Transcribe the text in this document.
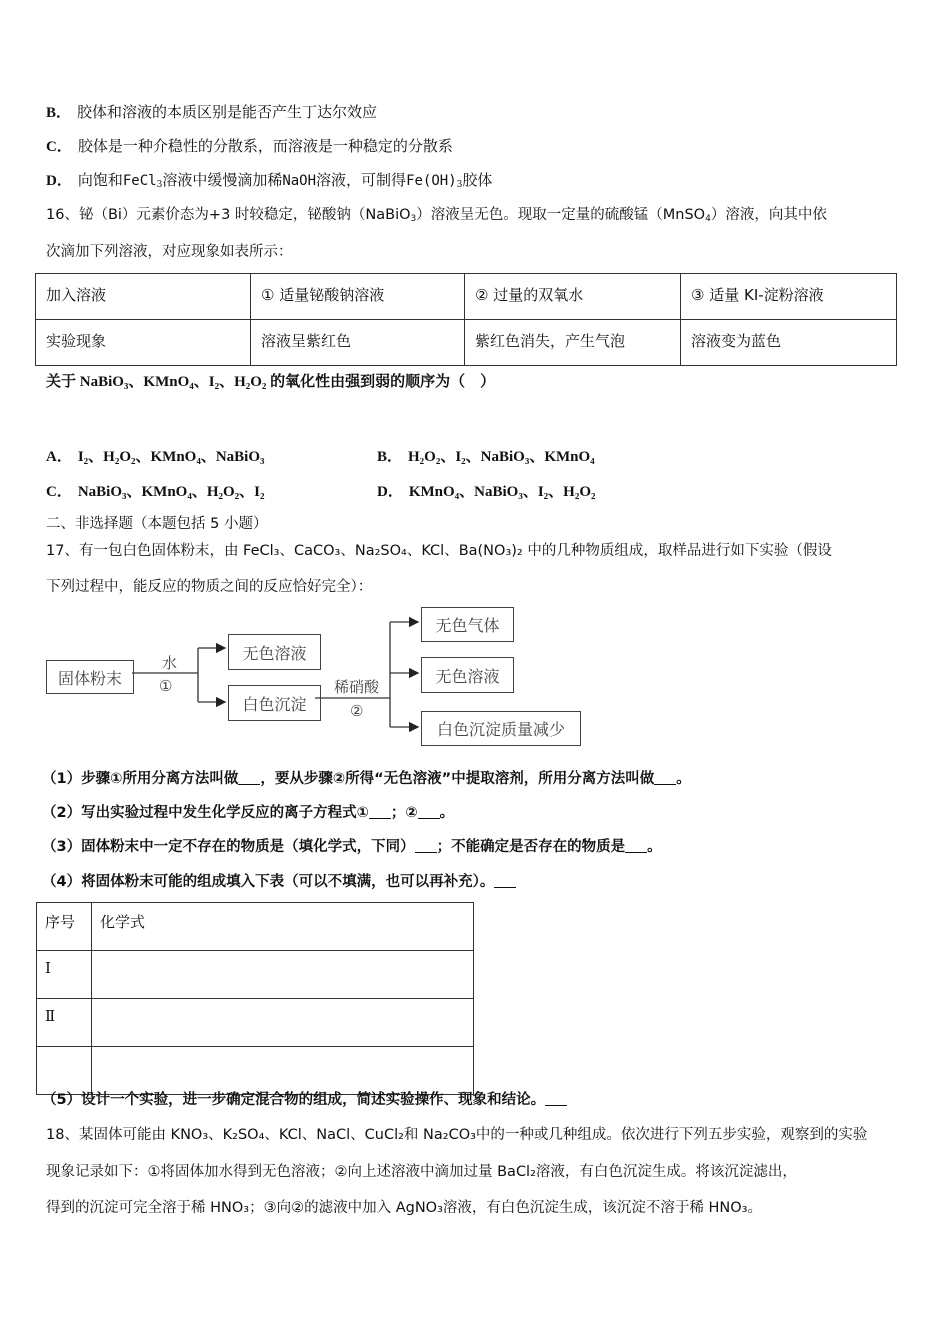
B． 胶体和溶液的本质区别是能否产生丁达尔效应
C． 胶体是一种介稳性的分散系，而溶液是一种稳定的分散系
D． 向饱和FeCl$_3$溶液中缓慢滴加稀NaOH溶液，可制得$Fe(OH)_3$胶体
16、铋（Bi）元素价态为+3 时较稳定，铋酸钠（NaBiO$_3$）溶液呈无色。现取一定量的硫酸锰（MnSO$_4$）溶液，向其中依
次滴加下列溶液，对应现象如表所示：
加入溶液	① 适量铋酸钠溶液	② 过量的双氧水	③ 适量 KI-淀粉溶液
实验现象	溶液呈紫红色	紫红色消失，产生气泡	溶液变为蓝色
关于 NaBiO₃、KMnO₄、I₂、H₂O₂ 的氧化性由强到弱的顺序为（　）
A． I₂、H₂O₂、KMnO₄、NaBiO₃	B． H₂O₂、I₂、NaBiO₃、KMnO₄
C． NaBiO₃、KMnO₄、H₂O₂、I₂	D． KMnO₄、NaBiO₃、I₂、H₂O₂
二、非选择题（本题包括 5 小题）
17、有一包白色固体粉末，由 FeCl₃、CaCO₃、Na₂SO₄、KCl、Ba(NO₃)₂ 中的几种物质组成，取样品进行如下实验（假设
下列过程中，能反应的物质之间的反应恰好完全）：
固体粉末
水
①
无色溶液
白色沉淀
稀硝酸
②
无色气体
无色溶液
白色沉淀质量减少
（1）步骤①所用分离方法叫做 ，要从步骤②所得“无色溶液”中提取溶剂，所用分离方法叫做 。
（2）写出实验过程中发生化学反应的离子方程式① ；② 。
（3）固体粉末中一定不存在的物质是（填化学式，下同） ；不能确定是否存在的物质是 。
（4）将固体粉末可能的组成填入下表（可以不填满，也可以再补充）。
序号	化学式
Ⅰ	
Ⅱ	

（5）设计一个实验，进一步确定混合物的组成，简述实验操作、现象和结论。
18、某固体可能由 KNO₃、K₂SO₄、KCl、NaCl、CuCl₂和 Na₂CO₃中的一种或几种组成。依次进行下列五步实验，观察到的实验
现象记录如下：①将固体加水得到无色溶液；②向上述溶液中滴加过量 BaCl₂溶液，有白色沉淀生成。将该沉淀滤出，
得到的沉淀可完全溶于稀 HNO₃；③向②的滤液中加入 AgNO₃溶液，有白色沉淀生成，该沉淀不溶于稀 HNO₃。
